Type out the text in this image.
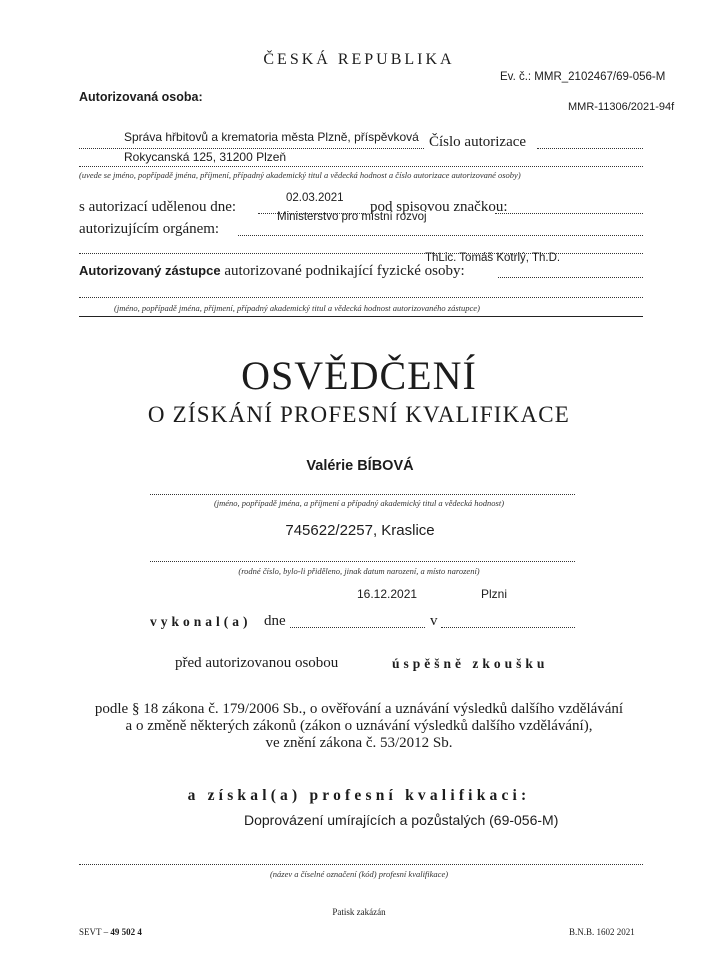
ČESKÁ REPUBLIKA
Ev. č.: MMR_2102467/69-056-M
MMR-11306/2021-94f
Autorizovaná osoba:
Správa hřbitovů a krematoria města Plzně, příspěvková Číslo autorizace
Rokycanská 125, 31200 Plzeň
(uvede se jméno, popřípadě jména, příjmení, případný akademický titul a vědecká hodnost a číslo autorizace autorizované osoby)
02.03.2021
s autorizací udělenou dne:	pod spisovou značkou:
Ministerstvo pro místní rozvoj
autorizujícím orgánem:
ThLic. Tomáš Kotrlý, Th.D.
Autorizovaný zástupce autorizované podnikající fyzické osoby:
(jméno, popřípadě jména, příjmení, případný akademický titul a vědecká hodnost autorizovaného zástupce)
OSVĚDČENÍ
O ZÍSKÁNÍ PROFESNÍ KVALIFIKACE
Valérie BÍBOVÁ
(jméno, popřípadě jména, a příjmení a případný akademický titul a vědecká hodnost)
745622/2257, Kraslice
(rodné číslo, bylo-li přiděleno, jinak datum narození, a místo narození)
16.12.2021	Plzni
vykonal(a) dne	v
před autorizovanou osobou	úspěšně zkoušku
podle § 18 zákona č. 179/2006 Sb., o ověřování a uznávání výsledků dalšího vzdělávání
a o změně některých zákonů (zákon o uznávání výsledků dalšího vzdělávání),
ve znění zákona č. 53/2012 Sb.
a získal(a) profesní kvalifikaci:
Doprovázení umírajících a pozůstalých (69-056-M)
(název a číselné označení (kód) profesní kvalifikace)
Patisk zakázán
SEVT – 49 502 4	B.N.B. 1602 2021
